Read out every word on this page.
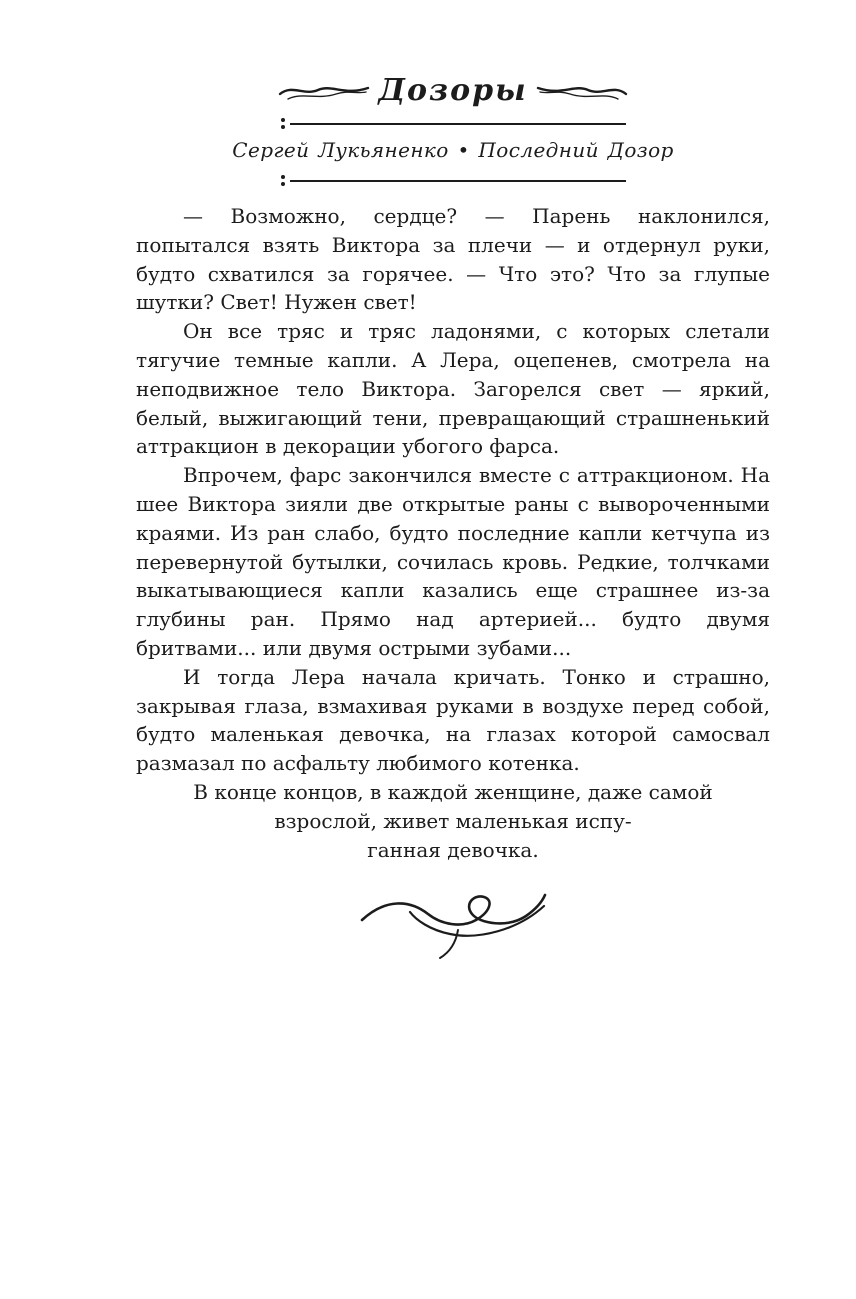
Дозоры
Сергей Лукьяненко • Последний Дозор

— Возможно, сердце? — Парень наклонился, попытался взять Виктора за плечи — и отдернул руки, будто схватился за горячее. — Что это? Что за глупые шутки? Свет! Нужен свет!

Он все тряс и тряс ладонями, с которых слетали тягучие темные капли. А Лера, оцепенев, смотрела на неподвижное тело Виктора. Загорелся свет — яркий, белый, выжигающий тени, превращающий страшненький аттракцион в декорации убогого фарса.

Впрочем, фарс закончился вместе с аттракционом. На шее Виктора зияли две открытые раны с вывороченными краями. Из ран слабо, будто последние капли кетчупа из перевернутой бутылки, сочилась кровь. Редкие, толчками выкатывающиеся капли казались еще страшнее из-за глубины ран. Прямо над артерией... будто двумя бритвами... или двумя острыми зубами...

И тогда Лера начала кричать. Тонко и страшно, закрывая глаза, взмахивая руками в воздухе перед собой, будто маленькая девочка, на глазах которой самосвал размазал по асфальту любимого котенка.

В конце концов, в каждой женщине, даже самой
взрослой, живет маленькая испу-
ганная девочка.
